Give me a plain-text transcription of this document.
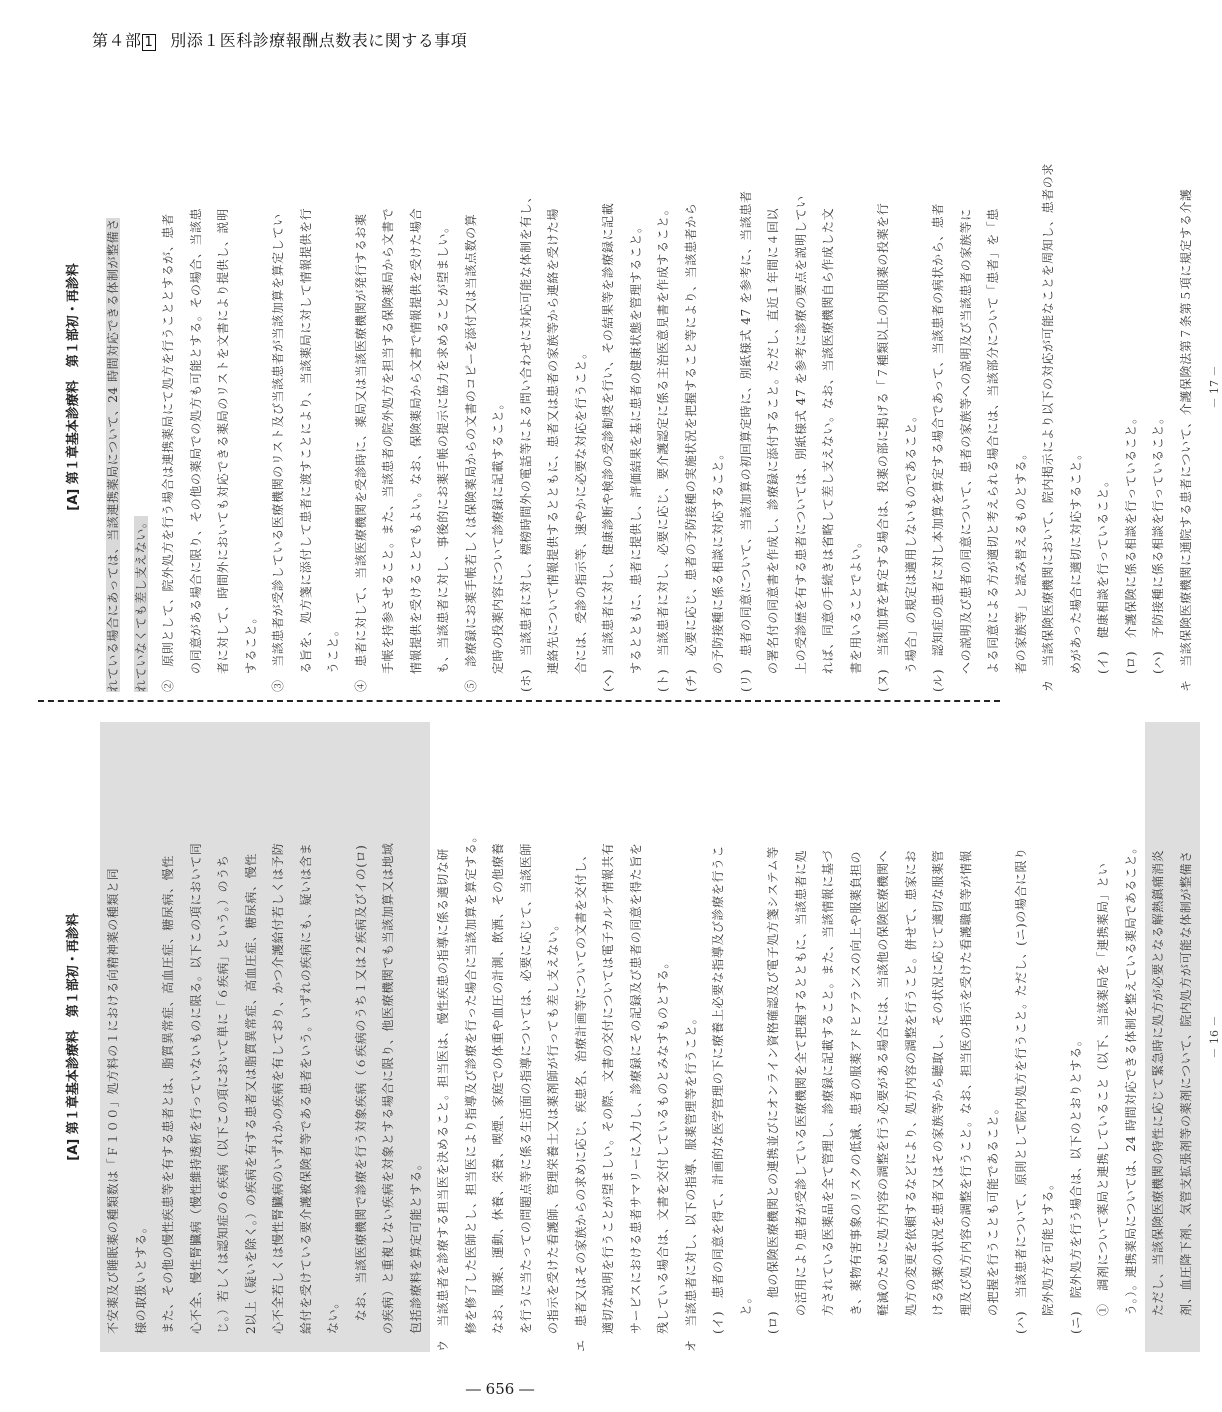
第４部 1 別添１医科診療報酬点数表に関する事項
[A] 第１章基本診療料　第１部初・再診料	れている場合にあっては、当該連携薬局について、24 時間対応できる体制が整備さ	れていなくても差し支えない。	②　原則として、院外処方を行う場合は連携薬局にて処方を行うこととするが、患者	の同意がある場合に限り、その他の薬局での処方も可能とする。その場合、当該患	者に対して、時間外においても対応できる薬局のリストを文書により提供し、説明	すること。	③　当該患者が受診している医療機関のリスト及び当該患者が当該加算を算定してい	る旨を、処方箋に添付して患者に渡すことにより、当該薬局に対して情報提供を行	うこと。	④　患者に対して、当該医療機関を受診時に、薬局又は当該医療機関が発行するお薬	手帳を持参させること。また、当該患者の院外処方を担当する保険薬局から文書で	情報提供を受けることでもよい。なお、保険薬局から文書で情報提供を受けた場合	も、当該患者に対し、事後的にお薬手帳の提示に協力を求めることが望ましい。	⑤　診療録にお薬手帳若しくは保険薬局からの文書のコピーを添付又は当該点数の算	定時の投薬内容について診療録に記載すること。	(ホ)　当該患者に対し、標榜時間外の電話等による問い合わせに対応可能な体制を有し、	連絡先について情報提供するとともに、患者又は患者の家族等から連絡を受けた場	合には、受診の指示等、速やかに必要な対応を行うこと。	(へ)　当該患者に対し、健康診断や検診の受診勧奨を行い、その結果等を診療録に記載	するとともに、患者に提供し、評価結果を基に患者の健康状態を管理すること。	(ト)　当該患者に対し、必要に応じ、要介護認定に係る主治医意見書を作成すること。	(チ)　必要に応じ、患者の予防接種の実施状況を把握すること等により、当該患者から	の予防接種に係る相談に対応すること。	(リ)　患者の同意について、当該加算の初回算定時に、別紙様式 47 を参考に、当該患者	の署名付の同意書を作成し、診療録に添付すること。ただし、直近１年間に４回以	上の受診歴を有する患者については、別紙様式 47 を参考に診療の要点を説明してい	れば、同意の手続きは省略して差し支えない。なお、当該医療機関自ら作成した文	書を用いることでよい。	(ヌ)　当該加算を算定する場合は、投薬の部に掲げる「７種類以上の内服薬の投薬を行	う場合」の規定は適用しないものであること。	(ル)　認知症の患者に対し本加算を算定する場合であって、当該患者の病状から、患者	への説明及び患者の同意について、患者の家族等への説明及び当該患者の家族等に	よる同意による方が適切と考えられる場合には、当該部分について「患者」を「患	者の家族等」と読み替えるものとする。	カ　当該保険医療機関において、院内掲示により以下の対応が可能なことを周知し、患者の求	めがあった場合に適切に対応すること。	(イ)　健康相談を行っていること。	(ロ)　介護保険に係る相談を行っていること。	(ハ)　予防接種に係る相談を行っていること。	キ　当該保険医療機関に通院する患者について、介護保険法第７条第５項に規定する介護	－ 17 －
[A] 第１章基本診療料　第１部初・再診料	不安薬及び睡眠薬の種類数は「Ｆ１００」処方料の１における向精神薬の種類と同	様の取扱いとする。	また、その他の慢性疾患等を有する患者とは、脂質異常症、高血圧症、糖尿病、慢性	心不全、慢性腎臓病（慢性維持透析を行っていないものに限る。以下この項において同	じ。）若しくは認知症の６疾病（以下この項において単に「６疾病」という。）のうち	2以上（疑いを除く。）の疾病を有する患者又は脂質異常症、高血圧症、糖尿病、慢性	心不全若しくは慢性腎臓病のいずれかの疾病を有しており、かつ介護給付若しくは予防	給付を受けている要介護被保険者等である患者をいう。いずれの疾病にも、疑いは含ま	ない。	　なお、当該医療機関で診療を行う対象疾病（６疾病のうち１又は２疾病及びイの(ロ)	の疾病）と重複しない疾病を対象とする場合に限り、他医療機関でも当該加算又は地域	包括診療料を算定可能とする。	ウ　当該患者を診療する担当医を決めること。担当医は、慢性疾患の指導に係る適切な研	修を修了した医師とし、担当医により指導及び診療を行った場合に当該加算を算定する。	なお、服薬、運動、休養、栄養、喫煙、家庭での体重や血圧の計測、飲酒、その他療養	を行うに当たっての問題点等に係る生活面の指導については、必要に応じて、当該医師	の指示を受けた看護師、管理栄養士又は薬剤師が行っても差し支えない。	エ　患者又はその家族からの求めに応じ、疾患名、治療計画等についての文書を交付し、	適切な説明を行うことが望ましい。その際、文書の交付については電子カルテ情報共有	サービスにおける患者サマリーに入力し、診療録にその記録及び患者の同意を得た旨を	残している場合は、文書を交付しているものとみなすものとする。	オ　当該患者に対し、以下の指導、服薬管理等を行うこと。	(イ)　患者の同意を得て、計画的な医学管理の下に療養上必要な指導及び診療を行うこ	と。	(ロ)　他の保険医療機関との連携並びにオンライン資格確認及び電子処方箋システム等	の活用により患者が受診している医療機関を全て把握するとともに、当該患者に処	方されている医薬品を全て管理し、診療録に記載すること。また、当該情報に基づ	き、薬物有害事象のリスクの低減、患者の服薬アドヒアランスの向上や服薬負担の	軽減のために処方内容の調整を行う必要がある場合には、当該他の保険医療機関へ	処方の変更を依頼するなどにより、処方内容の調整を行うこと。併せて、患家にお	ける残薬の状況を患者又はその家族等から聴取し、その状況に応じて適切な服薬管	理及び処方内容の調整を行うこと。なお、担当医の指示を受けた看護職員等が情報	の把握を行うことも可能であること。	(ハ)　当該患者について、原則として院内処方を行うこと。ただし、(ニ)の場合に限り	院外処方を可能とする。	(ニ)　院外処方を行う場合は、以下のとおりとする。	①　調剤について薬局と連携していること（以下、当該薬局を「連携薬局」とい	う。）。連携薬局については、24 時間対応できる体制を整えている薬局であること。	ただし、当該保険医療機関の特性に応じて緊急時に処方が必要となる解熱鎮痛消炎	剤、血圧降下剤、気管支拡張剤等の薬剤について、院内処方が可能な体制が整備さ	－ 16 －
― 656 ―
